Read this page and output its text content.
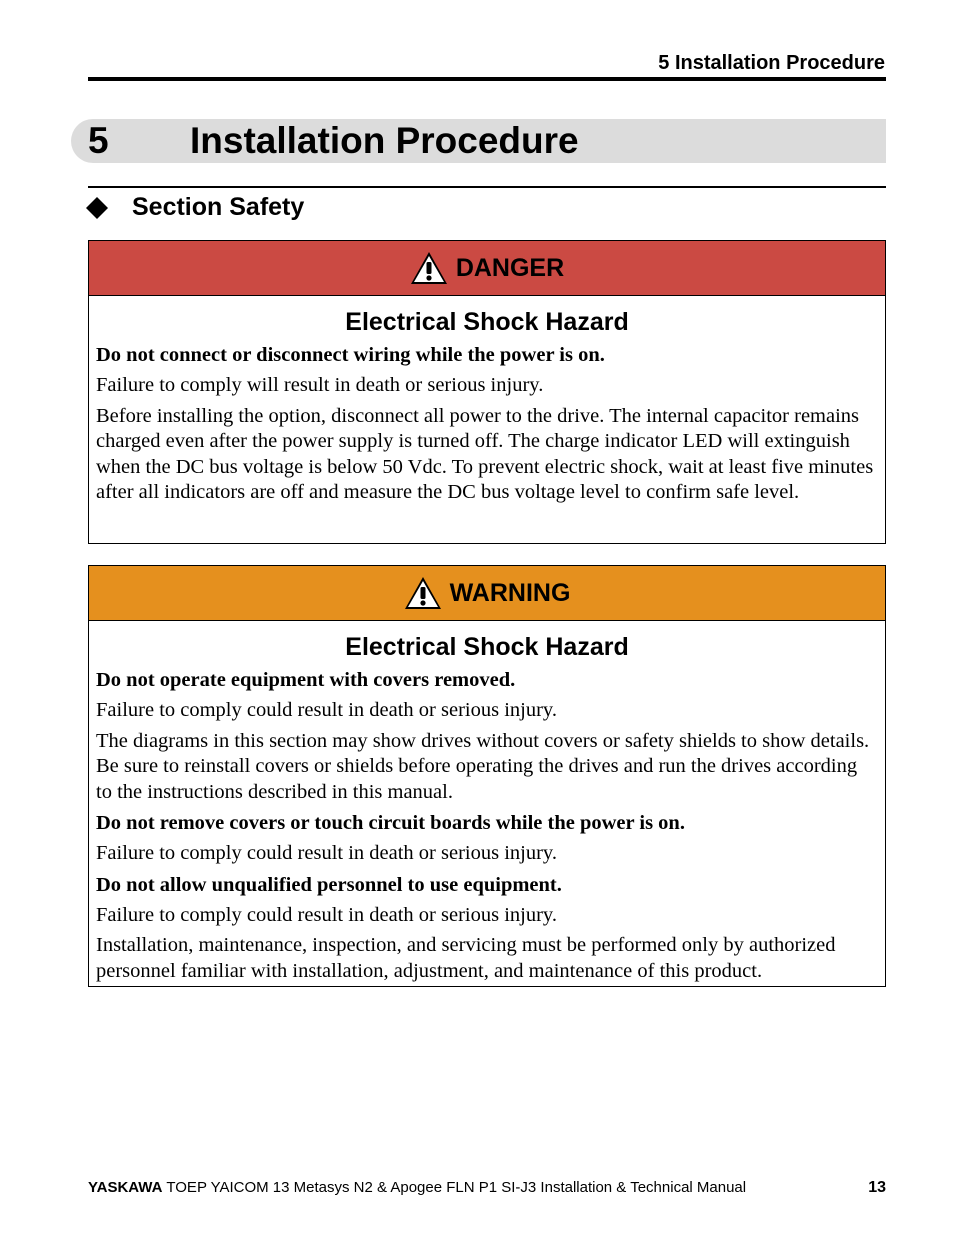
5 Installation Procedure
5 Installation Procedure
Section Safety
DANGER
Electrical Shock Hazard
Do not connect or disconnect wiring while the power is on.
Failure to comply will result in death or serious injury.
Before installing the option, disconnect all power to the drive. The internal capacitor remains charged even after the power supply is turned off. The charge indicator LED will extinguish when the DC bus voltage is below 50 Vdc. To prevent electric shock, wait at least five minutes after all indicators are off and measure the DC bus voltage level to confirm safe level.
WARNING
Electrical Shock Hazard
Do not operate equipment with covers removed.
Failure to comply could result in death or serious injury.
The diagrams in this section may show drives without covers or safety shields to show details. Be sure to reinstall covers or shields before operating the drives and run the drives according to the instructions described in this manual.
Do not remove covers or touch circuit boards while the power is on.
Failure to comply could result in death or serious injury.
Do not allow unqualified personnel to use equipment.
Failure to comply could result in death or serious injury.
Installation, maintenance, inspection, and servicing must be performed only by authorized personnel familiar with installation, adjustment, and maintenance of this product.
YASKAWA TOEP YAICOM 13 Metasys N2 & Apogee FLN P1 SI-J3 Installation & Technical Manual	13
